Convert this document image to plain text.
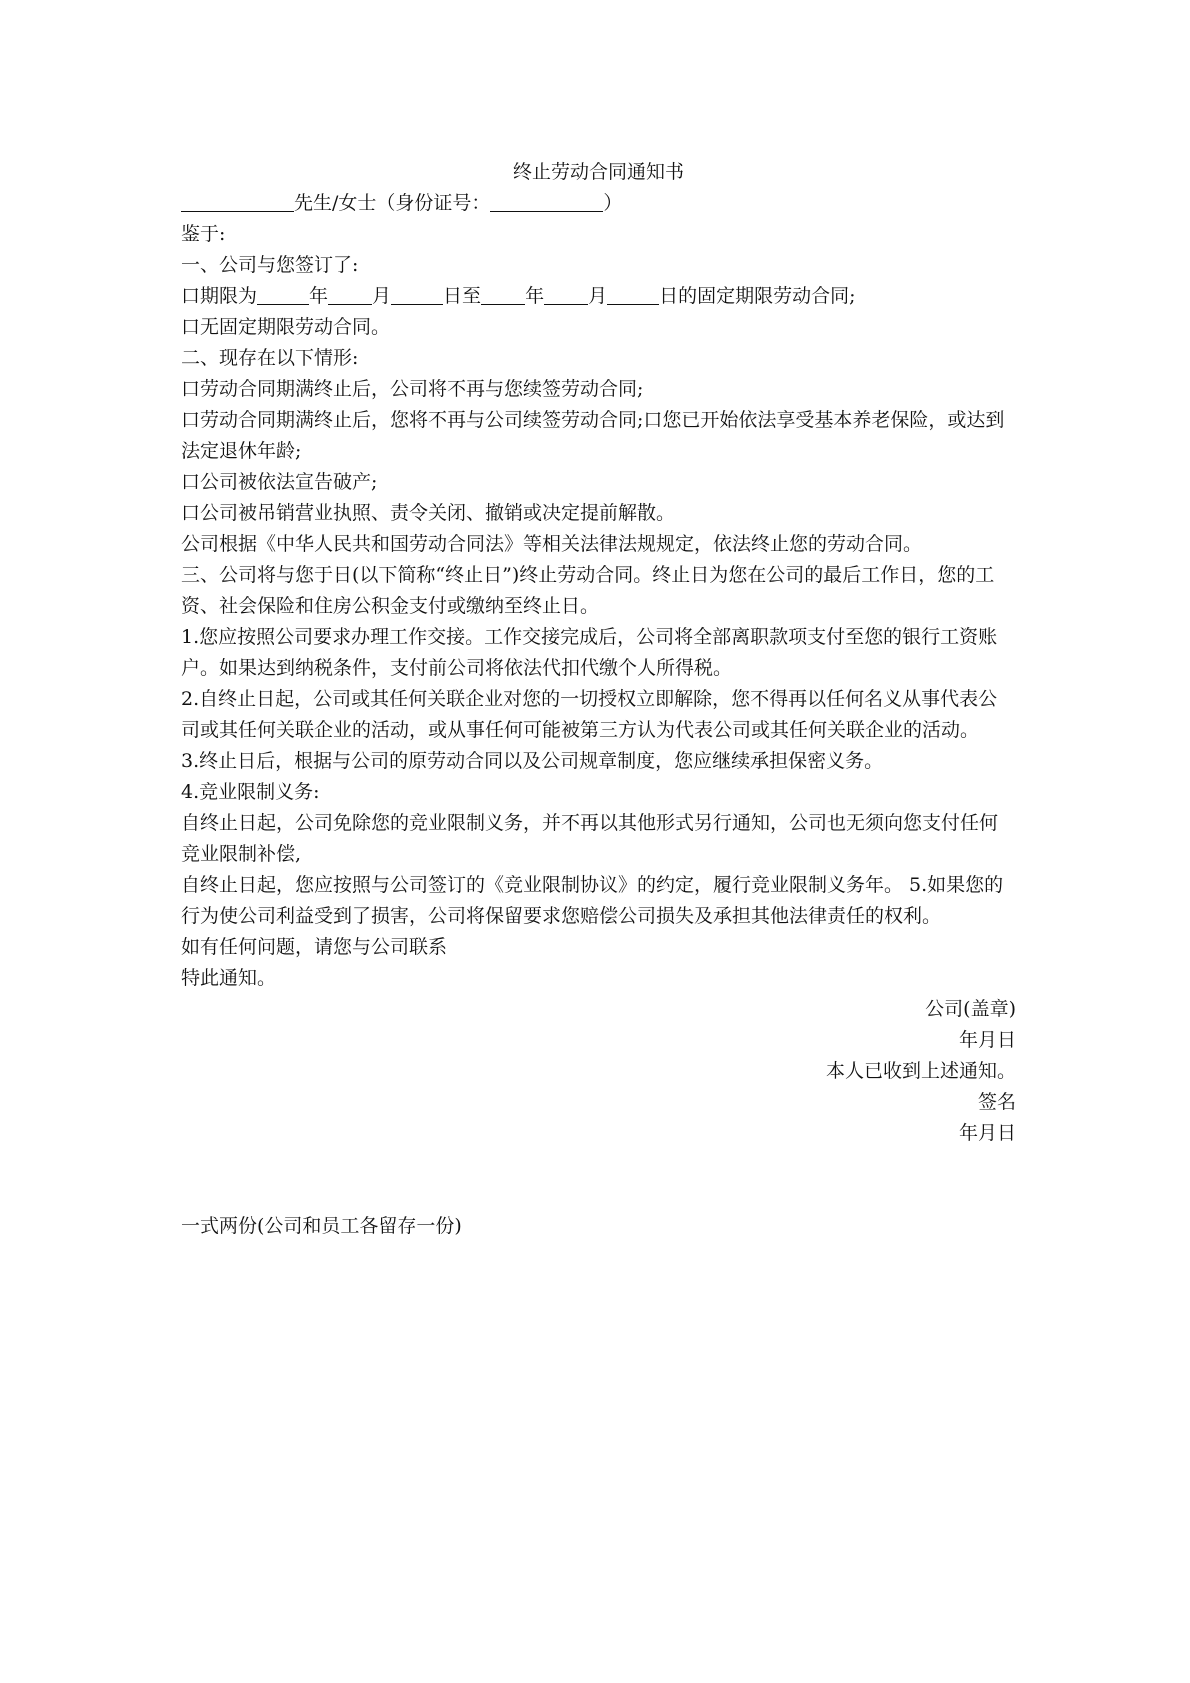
终止劳动合同通知书
先生/女士（身份证号：	）
鉴于:
一、公司与您签订了:
口期限为	年 月	日至 年 月	日的固定期限劳动合同;
口无固定期限劳动合同。
二、现存在以下情形:
口劳动合同期满终止后，公司将不再与您续签劳动合同;
口劳动合同期满终止后，您将不再与公司续签劳动合同;口您已开始依法享受基本养老保险，或达到法定退休年龄;
口公司被依法宣告破产;
口公司被吊销营业执照、责令关闭、撤销或决定提前解散。
公司根据《中华人民共和国劳动合同法》等相关法律法规规定，依法终止您的劳动合同。
三、公司将与您于日(以下简称“终止日”)终止劳动合同。终止日为您在公司的最后工作日，您的工资、社会保险和住房公积金支付或缴纳至终止日。
1.您应按照公司要求办理工作交接。工作交接完成后，公司将全部离职款项支付至您的银行工资账户。如果达到纳税条件，支付前公司将依法代扣代缴个人所得税。
2.自终止日起，公司或其任何关联企业对您的一切授权立即解除，您不得再以任何名义从事代表公司或其任何关联企业的活动，或从事任何可能被第三方认为代表公司或其任何关联企业的活动。
3.终止日后，根据与公司的原劳动合同以及公司规章制度，您应继续承担保密义务。
4.竞业限制义务:
自终止日起，公司免除您的竞业限制义务，并不再以其他形式另行通知，公司也无须向您支付任何竞业限制补偿,
自终止日起，您应按照与公司签订的《竞业限制协议》的约定，履行竞业限制义务年。 5.如果您的行为使公司利益受到了损害，公司将保留要求您赔偿公司损失及承担其他法律责任的权利。
如有任何问题，请您与公司联系
特此通知。
公司(盖章)
年月日
本人已收到上述通知。
签名
年月日
一式两份(公司和员工各留存一份)
